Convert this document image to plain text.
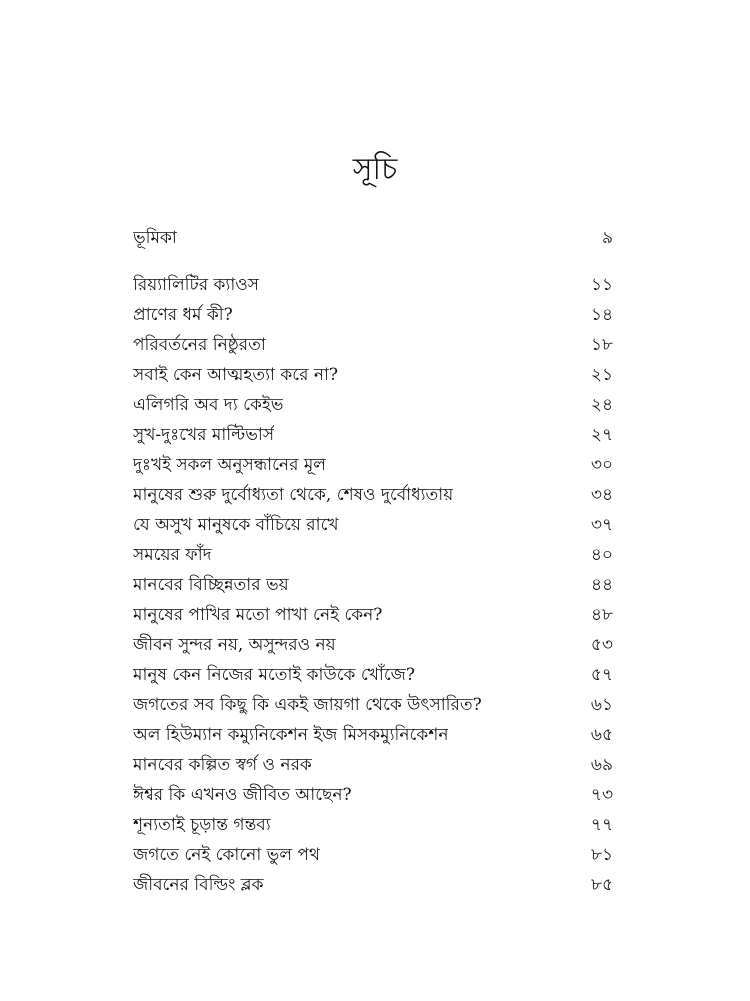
সূচি
ভূমিকা	৯
রিয়্যালিটির ক্যাওস	১১
প্রাণের ধর্ম কী?	১৪
পরিবর্তনের নিষ্ঠুরতা	১৮
সবাই কেন আত্মহত্যা করে না?	২১
এলিগরি অব দ্য কেইভ	২৪
সুখ-দুঃখের মাল্টিভার্স	২৭
দুঃখই সকল অনুসন্ধানের মূল	৩০
মানুষের শুরু দুর্বোধ্যতা থেকে, শেষও দুর্বোধ্যতায়	৩৪
যে অসুখ মানুষকে বাঁচিয়ে রাখে	৩৭
সময়ের ফাঁদ	৪০
মানবের বিচ্ছিন্নতার ভয়	৪৪
মানুষের পাখির মতো পাখা নেই কেন?	৪৮
জীবন সুন্দর নয়, অসুন্দরও নয়	৫৩
মানুষ কেন নিজের মতোই কাউকে খোঁজে?	৫৭
জগতের সব কিছু কি একই জায়গা থেকে উৎসারিত?	৬১
অল হিউম্যান কম্যুনিকেশন ইজ মিসকম্যুনিকেশন	৬৫
মানবের কল্পিত স্বর্গ ও নরক	৬৯
ঈশ্বর কি এখনও জীবিত আছেন?	৭৩
শূন্যতাই চূড়ান্ত গন্তব্য	৭৭
জগতে নেই কোনো ভুল পথ	৮১
জীবনের বিল্ডিং ব্লক	৮৫
